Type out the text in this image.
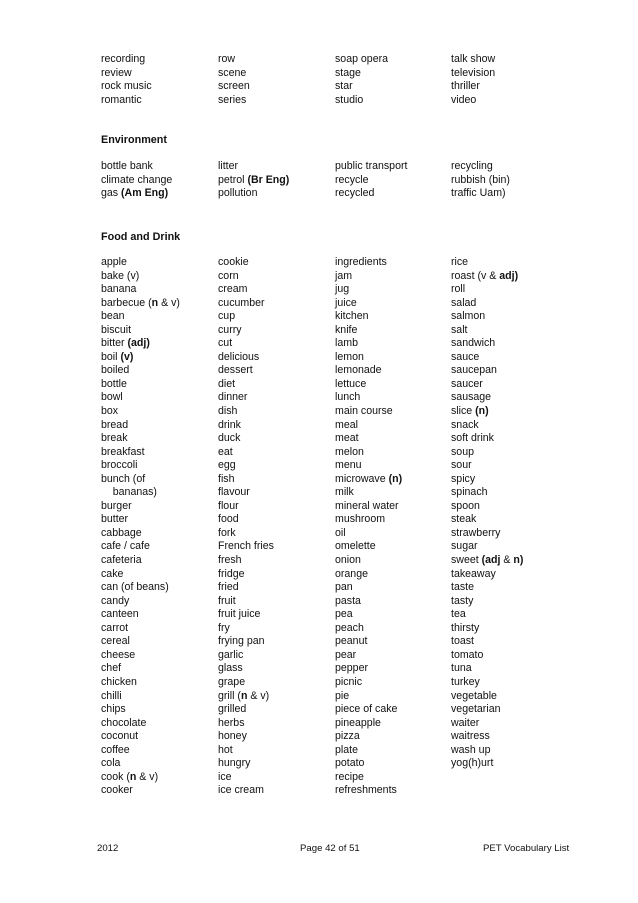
recording	row	soap opera	talk show
review	scene	stage	television
rock music	screen	star	thriller
romantic	series	studio	video
Environment
bottle bank	litter	public transport	recycling
climate change	petrol (Br Eng)	recycle	rubbish (bin)
gas (Am Eng)	pollution	recycled	traffic Uam)
Food and Drink
apple	cookie	ingredients	rice
bake (v)	corn	jam	roast (v & adj)
banana	cream	jug	roll
barbecue (n & v)	cucumber	juice	salad
bean	cup	kitchen	salmon
biscuit	curry	knife	salt
bitter (adj)	cut	lamb	sandwich
boil (v)	delicious	lemon	sauce
boiled	dessert	lemonade	saucepan
bottle	diet	lettuce	saucer
bowl	dinner	lunch	sausage
box	dish	main course	slice (n)
bread	drink	meal	snack
break	duck	meat	soft drink
breakfast	eat	melon	soup
broccoli	egg	menu	sour
bunch (of	fish	microwave (n)	spicy
bananas)	flavour	milk	spinach
burger	flour	mineral water	spoon
butter	food	mushroom	steak
cabbage	fork	oil	strawberry
cafe / cafe	French fries	omelette	sugar
cafeteria	fresh	onion	sweet (adj & n)
cake	fridge	orange	takeaway
can (of beans)	fried	pan	taste
candy	fruit	pasta	tasty
canteen	fruit juice	pea	tea
carrot	fry	peach	thirsty
cereal	frying pan	peanut	toast
cheese	garlic	pear	tomato
chef	glass	pepper	tuna
chicken	grape	picnic	turkey
chilli	grill (n & v)	pie	vegetable
chips	grilled	piece of cake	vegetarian
chocolate	herbs	pineapple	waiter
coconut	honey	pizza	waitress
coffee	hot	plate	wash up
cola	hungry	potato	yog(h)urt
cook (n & v)	ice	recipe
cooker	ice cream	refreshments
2012	Page 42 of 51	PET Vocabulary List
